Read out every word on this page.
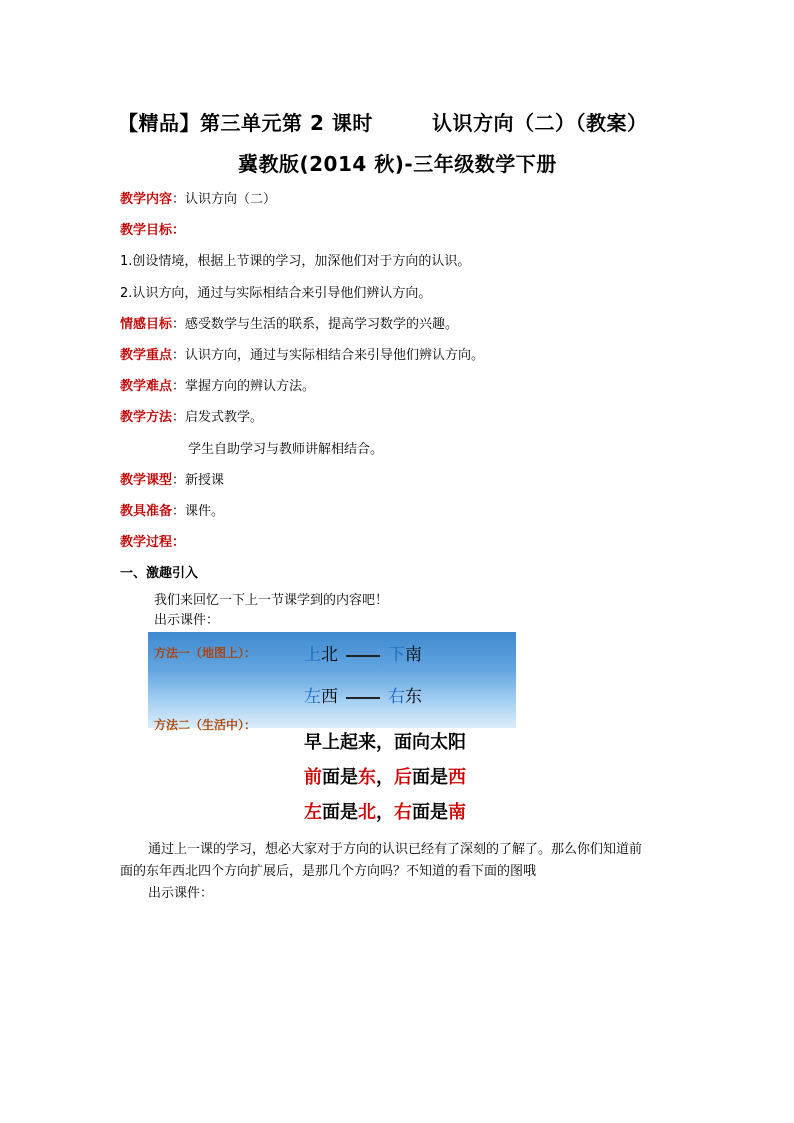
【精品】第三单元第 2 课时	认识方向（二）（教案）
冀教版(2014 秋)-三年级数学下册
教学内容：认识方向（二）
教学目标：
1.创设情境，根据上节课的学习，加深他们对于方向的认识。
2.认识方向，通过与实际相结合来引导他们辨认方向。
情感目标：感受数学与生活的联系，提高学习数学的兴趣。
教学重点：认识方向，通过与实际相结合来引导他们辨认方向。
教学难点：掌握方向的辨认方法。
教学方法：启发式教学。
学生自助学习与教师讲解相结合。
教学课型：新授课
教具准备：课件。
教学过程：
一、激趣引入
我们来回忆一下上一节课学到的内容吧！
出示课件：
方法一（地图上）：	上北	下南
左西	右东
方法二（生活中）：
早上起来，面向太阳
前面是东，后面是西
左面是北，右面是南
通过上一课的学习，想必大家对于方向的认识已经有了深刻的了解了。那么你们知道前
面的东年西北四个方向扩展后，是那几个方向吗？不知道的看下面的图哦
出示课件：
